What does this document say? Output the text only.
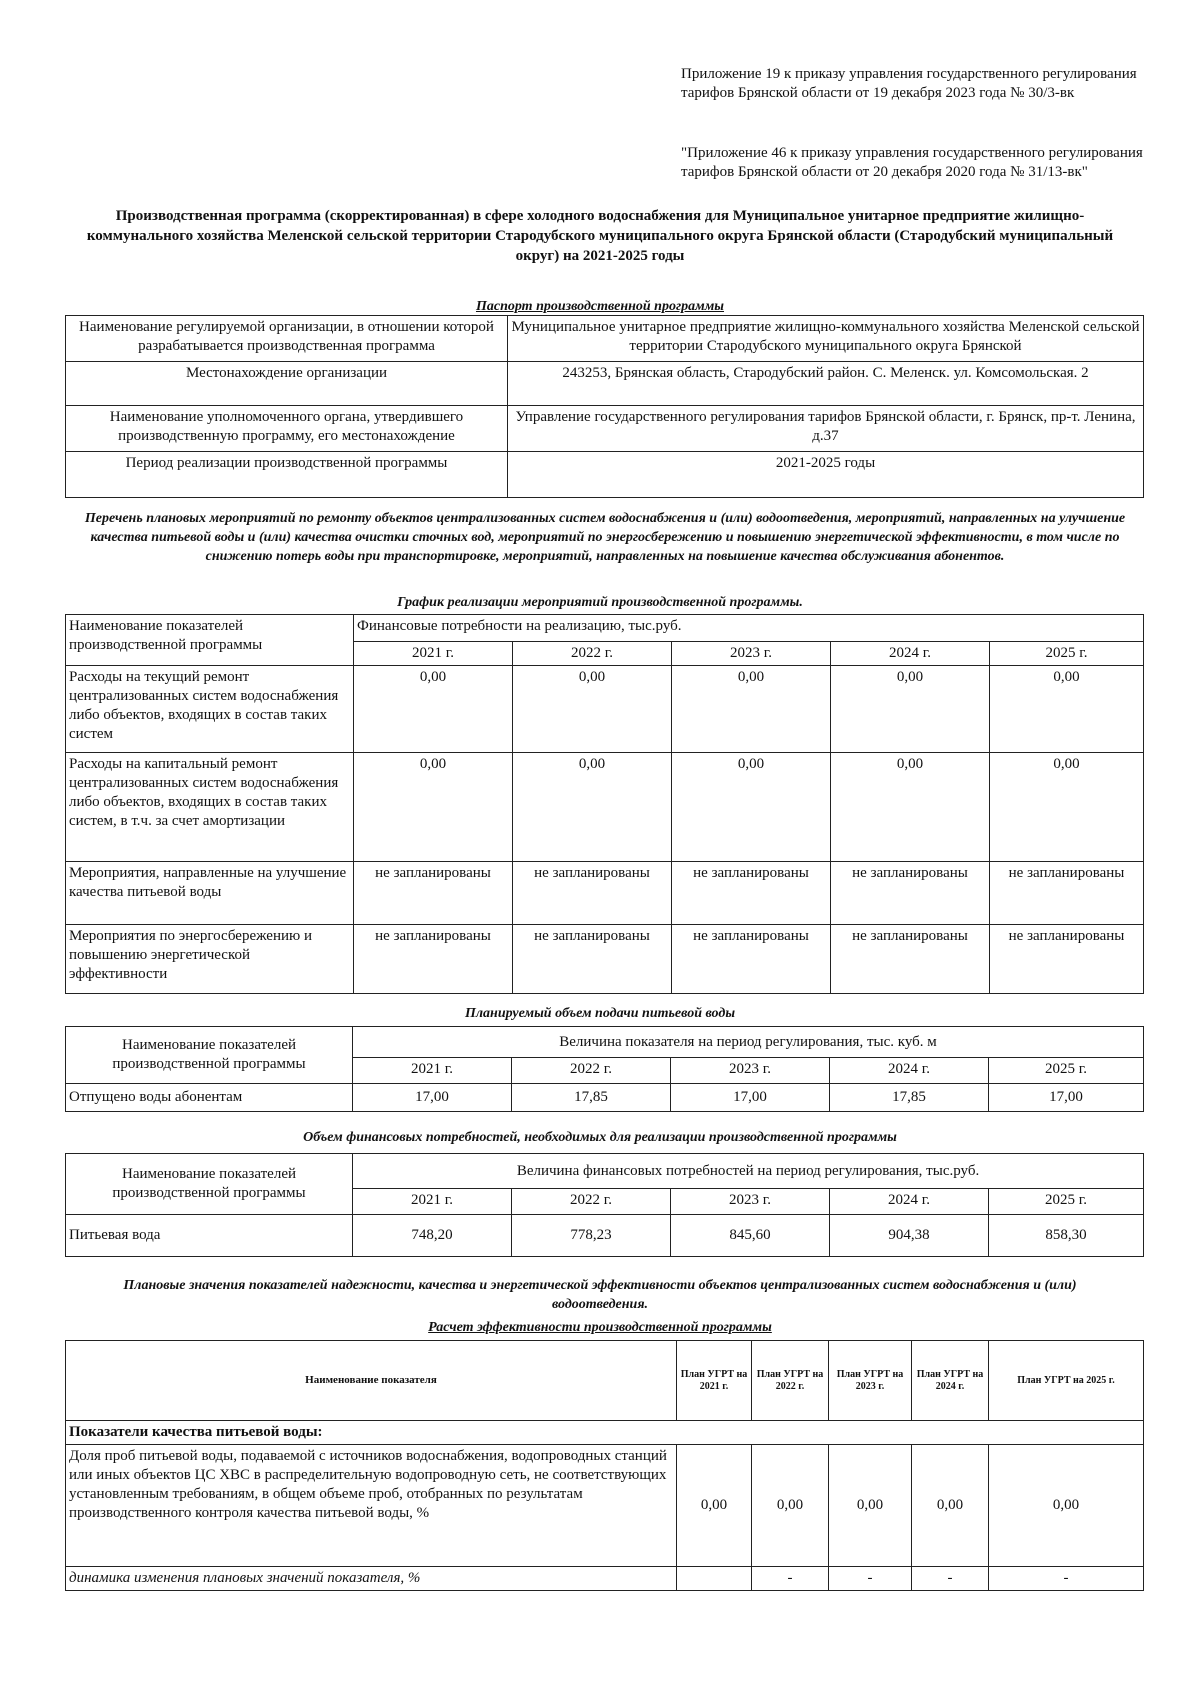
Приложение 19 к приказу управления государственного регулирования тарифов Брянской области от 19 декабря 2023 года № 30/3-вк
"Приложение 46 к приказу управления государственного регулирования тарифов Брянской области от 20 декабря 2020 года № 31/13-вк"
Производственная программа (скорректированная) в сфере холодного водоснабжения для Муниципальное унитарное предприятие жилищно-коммунального хозяйства Меленской сельской территории Стародубского муниципального округа Брянской области (Стародубский муниципальный округ) на 2021-2025 годы
Паспорт производственной программы
Наименование регулируемой организации, в отношении которой разрабатывается производственная программа	Муниципальное унитарное предприятие жилищно-коммунального хозяйства Меленской сельской территории Стародубского муниципального округа Брянской
Местонахождение организации	243253, Брянская область, Стародубский район. С. Меленск. ул. Комсомольская. 2
Наименование уполномоченного органа, утвердившего производственную программу, его местонахождение	Управление государственного регулирования тарифов Брянской области, г. Брянск, пр-т. Ленина, д.37
Период реализации производственной программы	2021-2025 годы
Перечень плановых мероприятий по ремонту объектов централизованных систем водоснабжения и (или) водоотведения, мероприятий, направленных на улучшение качества питьевой воды и (или) качества очистки сточных вод, мероприятий по энергосбережению и повышению энергетической эффективности, в том числе по снижению потерь воды при транспортировке, мероприятий, направленных на повышение качества обслуживания абонентов.
График реализации мероприятий производственной программы.
Наименование показателей производственной программы	Финансовые потребности на реализацию, тыс.руб.				
	2021 г.	2022 г.	2023 г.	2024 г.	2025 г.
Расходы на текущий ремонт централизованных систем водоснабжения либо объектов, входящих в состав таких систем	0,00	0,00	0,00	0,00	0,00
Расходы на капитальный ремонт централизованных систем водоснабжения либо объектов, входящих в состав таких систем, в т.ч. за счет амортизации	0,00	0,00	0,00	0,00	0,00
Мероприятия, направленные на улучшение качества питьевой воды	не запланированы	не запланированы	не запланированы	не запланированы	не запланированы
Мероприятия по энергосбережению и повышению энергетической эффективности	не запланированы	не запланированы	не запланированы	не запланированы	не запланированы
Планируемый объем подачи питьевой воды
Наименование показателей производственной программы	Величина показателя на период регулирования, тыс. куб. м				
	2021 г.	2022 г.	2023 г.	2024 г.	2025 г.
Отпущено воды абонентам	17,00	17,85	17,00	17,85	17,00
Объем финансовых потребностей, необходимых для реализации производственной программы
Наименование показателей производственной программы	Величина финансовых потребностей на период регулирования, тыс.руб.				
	2021 г.	2022 г.	2023 г.	2024 г.	2025 г.
Питьевая вода	748,20	778,23	845,60	904,38	858,30
Плановые значения показателей надежности, качества и энергетической эффективности объектов централизованных систем водоснабжения и (или) водоотведения.
Расчет эффективности производственной программы
Наименование показателя	План УГРТ на 2021 г.	План УГРТ на 2022 г.	План УГРТ на 2023 г.	План УГРТ на 2024 г.	План УГРТ на 2025 г.
Показатели качества питьевой воды:					
Доля проб питьевой воды, подаваемой с источников водоснабжения, водопроводных станций или иных объектов ЦС ХВС в распределительную водопроводную сеть, не соответствующих установленным требованиям, в общем объеме проб, отобранных по результатам производственного контроля качества питьевой воды, %	0,00	0,00	0,00	0,00	0,00
динамика изменения плановых значений показателя, %		-	-	-	-
